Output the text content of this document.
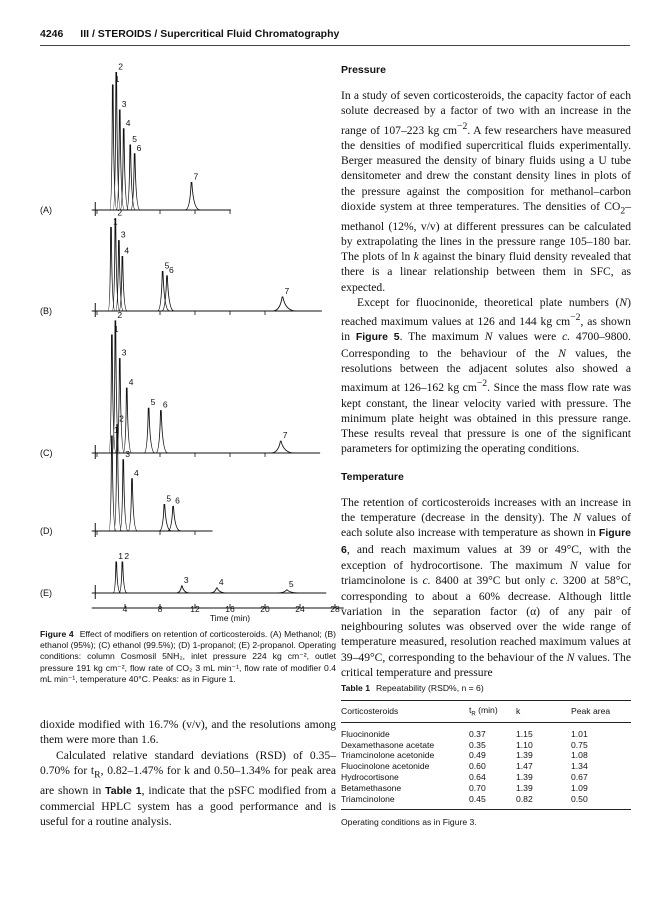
4246 III / STEROIDS / Supercritical Fluid Chromatography
(A)
1
2
3
4
5
6
7
(B)
1
2
3
4
5 6
7
(C)
1
2
3
4
5 6
7
(D)
1
2
3
4
5 6
(E)
1 2
3	4	5
4	8	12	16	20	24	28
Time (min)
Figure 4 Effect of modifiers on retention of corticosteroids. (A) Methanol; (B) ethanol (95%); (C) ethanol (99.5%); (D) 1-propanol; (E) 2-propanol. Operating conditions: column Cosmosil 5NH₂, inlet pressure 224 kg cm⁻², outlet pressure 191 kg cm⁻², flow rate of CO₂ 3 mL min⁻¹, flow rate of modifier 0.4 mL min⁻¹, temperature 40°C. Peaks: as in Figure 1.

dioxide modified with 16.7% (v/v), and the resolutions among them were more than 1.6.

Calculated relative standard deviations (RSD) of 0.35–0.70% for $t_R$, 0.82–1.47% for k and 0.50–1.34% for peak area are shown in Table 1, indicate that the pSFC modified from a commercial HPLC system has a good performance and is useful for a routine analysis.

Pressure

In a study of seven corticosteroids, the capacity factor of each solute decreased by a factor of two with an increase in the range of 107–223 kg $cm^{-2}$. A few researchers have measured the densities of modified supercritical fluids experimentally. Berger measured the density of binary fluids using a U tube densitometer and drew the constant density lines in plots of the pressure against the composition for methanol–carbon dioxide system at three temperatures. The densities of $CO_2$–methanol (12%, v/v) at different pressures can be calculated by extrapolating the lines in the pressure range 105–180 bar. The plots of ln k against the binary fluid density revealed that there is a linear relationship between them in SFC, as expected.

Except for fluocinonide, theoretical plate numbers (N) reached maximum values at 126 and 144 kg $cm^{-2}$, as shown in Figure 5. The maximum N values were c. 4700–9800. Corresponding to the behaviour of the N values, the resolutions between the adjacent solutes also showed a maximum at 126–162 kg $cm^{-2}$. Since the mass flow rate was kept constant, the linear velocity varied with pressure. The minimum plate height was obtained in this pressure range. These results reveal that pressure is one of the significant parameters for optimizing the operating conditions.

Temperature

The retention of corticosteroids increases with an increase in the temperature (decrease in the density). The N values of each solute also increase with temperature as shown in Figure 6, and reach maximum values at 39 or 49°C, with the exception of hydrocortisone. The maximum N value for triamcinolone is c. 8400 at 39°C but only c. 3200 at 58°C, corresponding to about a 60% decrease. Although little variation in the separation factor (α) of any pair of neighbouring solutes was observed over the wide range of temperature measured, resolution reached maximum values at 39–49°C, corresponding to the behaviour of the N values. The critical temperature and pressure

Table 1 Repeatability (RSD%, n = 6)
Corticosteroids	$t_R$ (min)	k	Peak area
Fluocinonide	0.37	1.15	1.01
Dexamethasone acetate	0.35	1.10	0.75
Triamcinolone acetonide	0.49	1.39	1.08
Fluocinolone acetonide	0.60	1.47	1.34
Hydrocortisone	0.64	1.39	0.67
Betamethasone	0.70	1.39	1.09
Triamcinolone	0.45	0.82	0.50
Operating conditions as in Figure 3.
